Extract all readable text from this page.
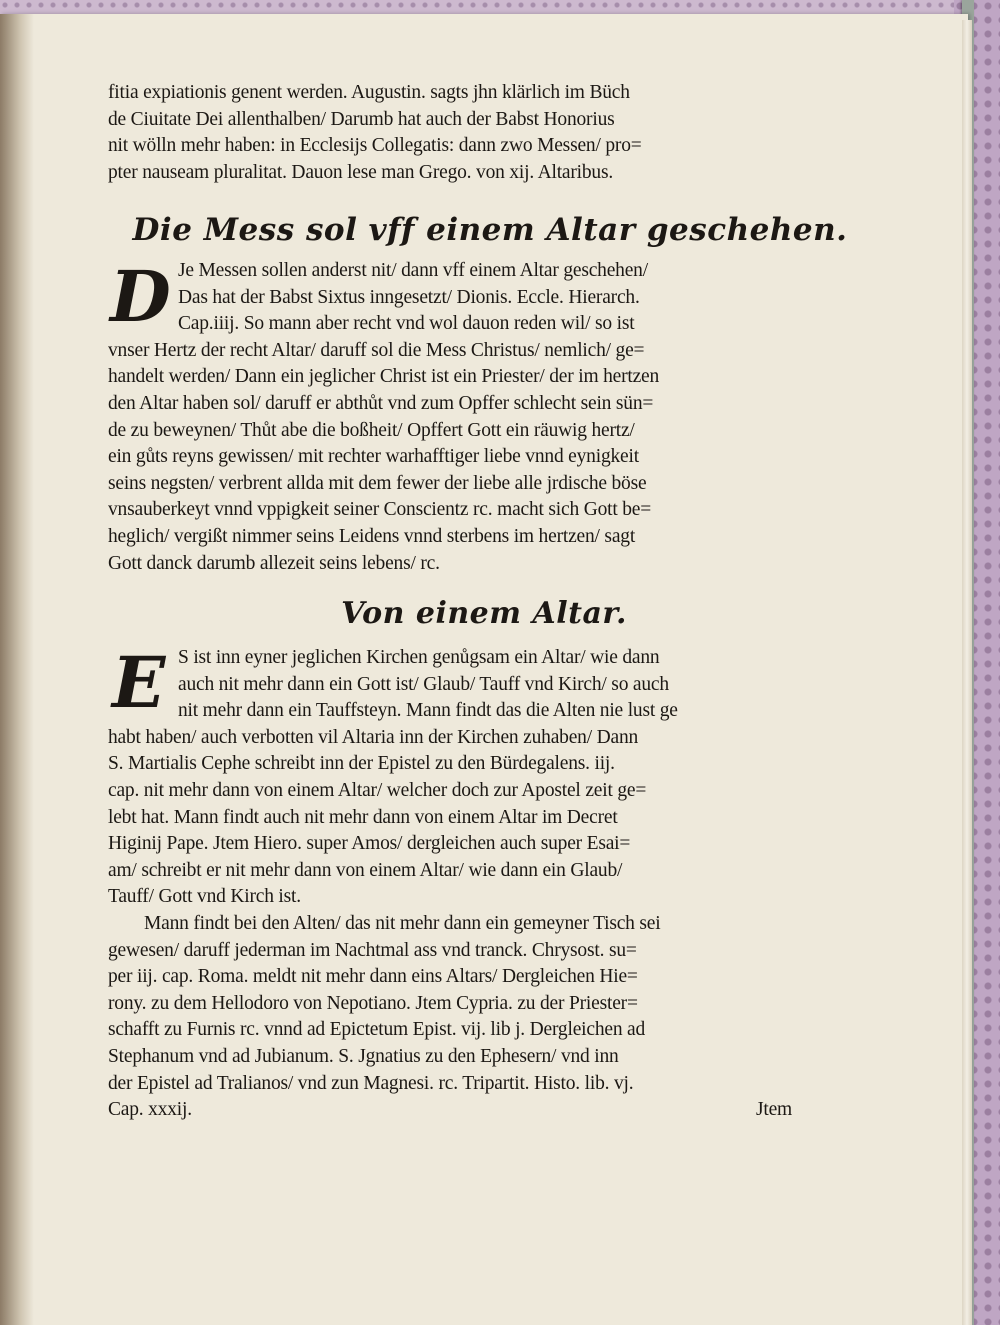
fitia expiationis genent werden. Augustin. sagts jhn klärlich im Büch
de Ciuitate Dei allenthalben/ Darumb hat auch der Babst Honorius
nit wölln mehr haben: in Ecclesijs Collegatis: dann zwo Messen/ pro=
pter nauseam pluralitat. Dauon lese man Grego. von xij. Altaribus.
Die Mess sol vff einem Altar geschehen.
D Je Messen sollen anderst nit/ dann vff einem Altar geschehen/
Das hat der Babst Sixtus inngesetzt/ Dionis. Eccle. Hierarch.
Cap.iiij. So mann aber recht vnd wol dauon reden wil/ so ist
vnser Hertz der recht Altar/ daruff sol die Mess Christus/ nemlich/ ge=
handelt werden/ Dann ein jeglicher Christ ist ein Priester/ der im hertzen
den Altar haben sol/ daruff er abthůt vnd zum Opffer schlecht sein sün=
de zu beweynen/ Thůt abe die boßheit/ Opffert Gott ein räuwig hertz/
ein gůts reyns gewissen/ mit rechter warhafftiger liebe vnnd eynigkeit
seins negsten/ verbrent allda mit dem fewer der liebe alle jrdische böse
vnsauberkeyt vnnd vppigkeit seiner Conscientz rc. macht sich Gott be=
heglich/ vergißt nimmer seins Leidens vnnd sterbens im hertzen/ sagt
Gott danck darumb allezeit seins lebens/ rc.
Von einem Altar.
E S ist inn eyner jeglichen Kirchen genůgsam ein Altar/ wie dann
auch nit mehr dann ein Gott ist/ Glaub/ Tauff vnd Kirch/ so auch
nit mehr dann ein Tauffsteyn. Mann findt das die Alten nie lust ge
habt haben/ auch verbotten vil Altaria inn der Kirchen zuhaben/ Dann
S. Martialis Cephe schreibt inn der Epistel zu den Bürdegalens. iij.
cap. nit mehr dann von einem Altar/ welcher doch zur Apostel zeit ge=
lebt hat. Mann findt auch nit mehr dann von einem Altar im Decret
Higinij Pape. Jtem Hiero. super Amos/ dergleichen auch super Esai=
am/ schreibt er nit mehr dann von einem Altar/ wie dann ein Glaub/
Tauff/ Gott vnd Kirch ist.
Mann findt bei den Alten/ das nit mehr dann ein gemeyner Tisch sei
gewesen/ daruff jederman im Nachtmal ass vnd tranck. Chrysost. su=
per iij. cap. Roma. meldt nit mehr dann eins Altars/ Dergleichen Hie=
rony. zu dem Hellodoro von Nepotiano. Jtem Cypria. zu der Priester=
schafft zu Furnis rc. vnnd ad Epictetum Epist. vij. lib j. Dergleichen ad
Stephanum vnd ad Jubianum. S. Jgnatius zu den Ephesern/ vnd inn
der Epistel ad Tralianos/ vnd zun Magnesi. rc. Tripartit. Histo. lib. vj.
Cap. xxxij.	Jtem
